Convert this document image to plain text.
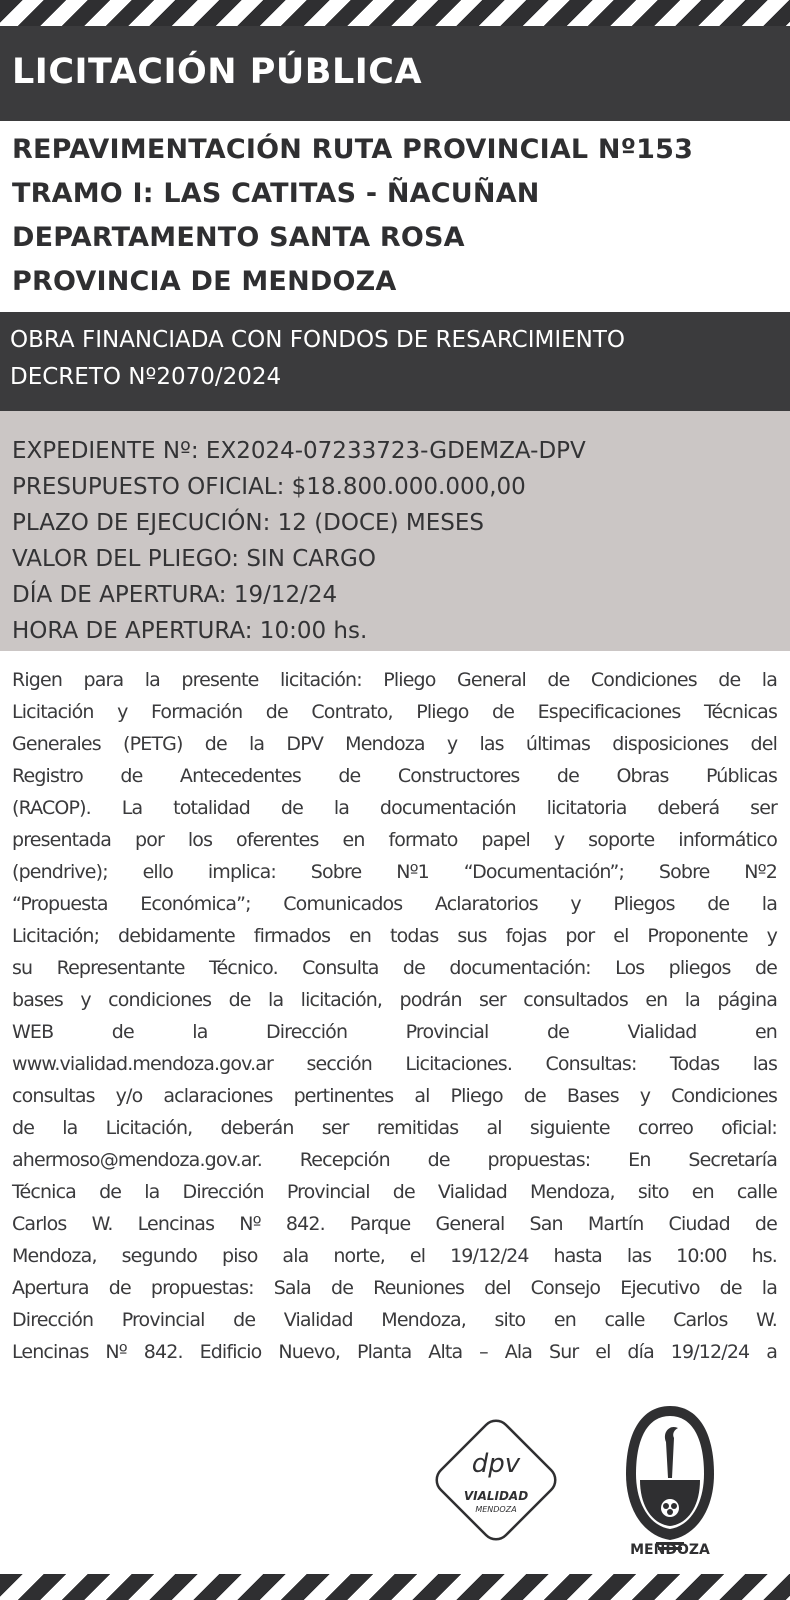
LICITACIÓN PÚBLICA
REPAVIMENTACIÓN RUTA PROVINCIAL Nº153
TRAMO I: LAS CATITAS - ÑACUÑAN
DEPARTAMENTO SANTA ROSA
PROVINCIA DE MENDOZA
OBRA FINANCIADA CON FONDOS DE RESARCIMIENTO
DECRETO Nº2070/2024
EXPEDIENTE Nº: EX2024-07233723-GDEMZA-DPV
PRESUPUESTO OFICIAL: $18.800.000.000,00
PLAZO DE EJECUCIÓN: 12 (DOCE) MESES
VALOR DEL PLIEGO: SIN CARGO
DÍA DE APERTURA: 19/12/24
HORA DE APERTURA: 10:00 hs.
Rigen para la presente licitación: Pliego General de Condiciones de la
Licitación y Formación de Contrato, Pliego de Especificaciones Técnicas
Generales (PETG) de la DPV Mendoza y las últimas disposiciones del
Registro de Antecedentes de Constructores de Obras Públicas
(RACOP). La totalidad de la documentación licitatoria deberá ser
presentada por los oferentes en formato papel y soporte informático
(pendrive); ello implica: Sobre Nº1 “Documentación”; Sobre Nº2
“Propuesta Económica”; Comunicados Aclaratorios y Pliegos de la
Licitación; debidamente firmados en todas sus fojas por el Proponente y
su Representante Técnico. Consulta de documentación: Los pliegos de
bases y condiciones de la licitación, podrán ser consultados en la página
WEB de la Dirección Provincial de Vialidad en
www.vialidad.mendoza.gov.ar sección Licitaciones. Consultas: Todas las
consultas y/o aclaraciones pertinentes al Pliego de Bases y Condiciones
de la Licitación, deberán ser remitidas al siguiente correo oficial:
ahermoso@mendoza.gov.ar. Recepción de propuestas: En Secretaría
Técnica de la Dirección Provincial de Vialidad Mendoza, sito en calle
Carlos W. Lencinas Nº 842. Parque General San Martín Ciudad de
Mendoza, segundo piso ala norte, el 19/12/24 hasta las 10:00 hs.
Apertura de propuestas: Sala de Reuniones del Consejo Ejecutivo de la
Dirección Provincial de Vialidad Mendoza, sito en calle Carlos W.
Lencinas Nº 842. Edificio Nuevo, Planta Alta – Ala Sur el día 19/12/24 a
dpv
VIALIDAD
MENDOZA
MENDOZA
